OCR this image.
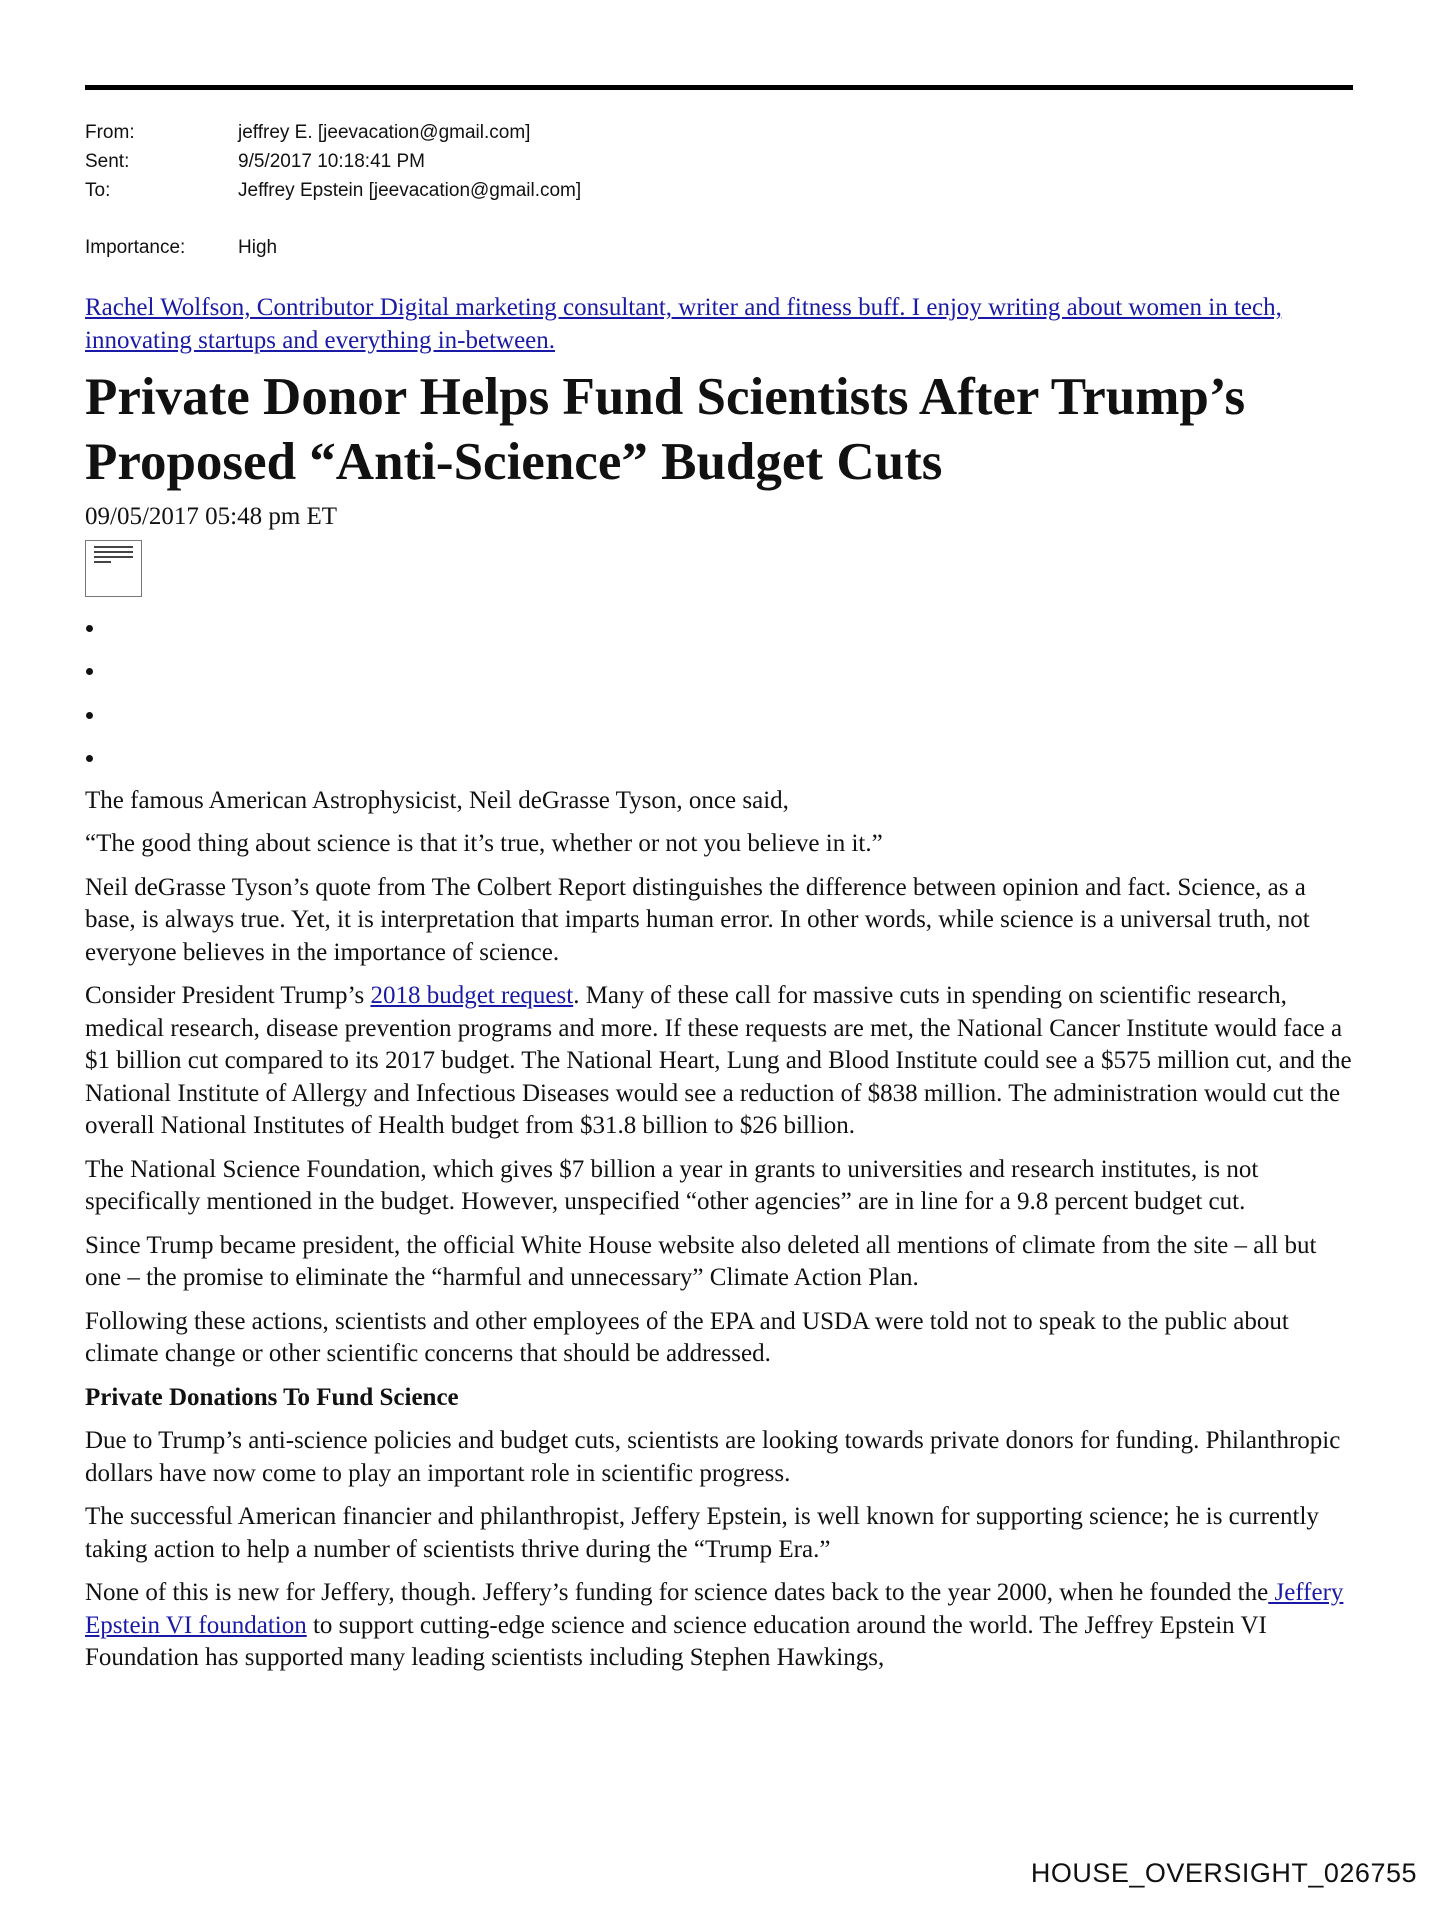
From:	jeffrey E. [jeevacation@gmail.com]
Sent:	9/5/2017 10:18:41 PM
To:	Jeffrey Epstein [jeevacation@gmail.com]
Importance:	High
Rachel Wolfson, Contributor Digital marketing consultant, writer and fitness buff. I enjoy writing about women in tech, innovating startups and everything in-between.
Private Donor Helps Fund Scientists After Trump’s Proposed “Anti-Science” Budget Cuts

09/05/2017 05:48 pm ET

The famous American Astrophysicist, Neil deGrasse Tyson, once said,

“The good thing about science is that it’s true, whether or not you believe in it.”

Neil deGrasse Tyson’s quote from The Colbert Report distinguishes the difference between opinion and fact. Science, as a base, is always true. Yet, it is interpretation that imparts human error. In other words, while science is a universal truth, not everyone believes in the importance of science.

Consider President Trump’s 2018 budget request. Many of these call for massive cuts in spending on scientific research, medical research, disease prevention programs and more. If these requests are met, the National Cancer Institute would face a $1 billion cut compared to its 2017 budget. The National Heart, Lung and Blood Institute could see a $575 million cut, and the National Institute of Allergy and Infectious Diseases would see a reduction of $838 million. The administration would cut the overall National Institutes of Health budget from $31.8 billion to $26 billion.

The National Science Foundation, which gives $7 billion a year in grants to universities and research institutes, is not specifically mentioned in the budget. However, unspecified “other agencies” are in line for a 9.8 percent budget cut.

Since Trump became president, the official White House website also deleted all mentions of climate from the site – all but one – the promise to eliminate the “harmful and unnecessary” Climate Action Plan.

Following these actions, scientists and other employees of the EPA and USDA were told not to speak to the public about climate change or other scientific concerns that should be addressed.

Private Donations To Fund Science

Due to Trump’s anti-science policies and budget cuts, scientists are looking towards private donors for funding. Philanthropic dollars have now come to play an important role in scientific progress.

The successful American financier and philanthropist, Jeffery Epstein, is well known for supporting science; he is currently taking action to help a number of scientists thrive during the “Trump Era.”

None of this is new for Jeffery, though. Jeffery’s funding for science dates back to the year 2000, when he founded the Jeffery Epstein VI foundation to support cutting-edge science and science education around the world. The Jeffrey Epstein VI Foundation has supported many leading scientists including Stephen Hawkings,

HOUSE_OVERSIGHT_026755
